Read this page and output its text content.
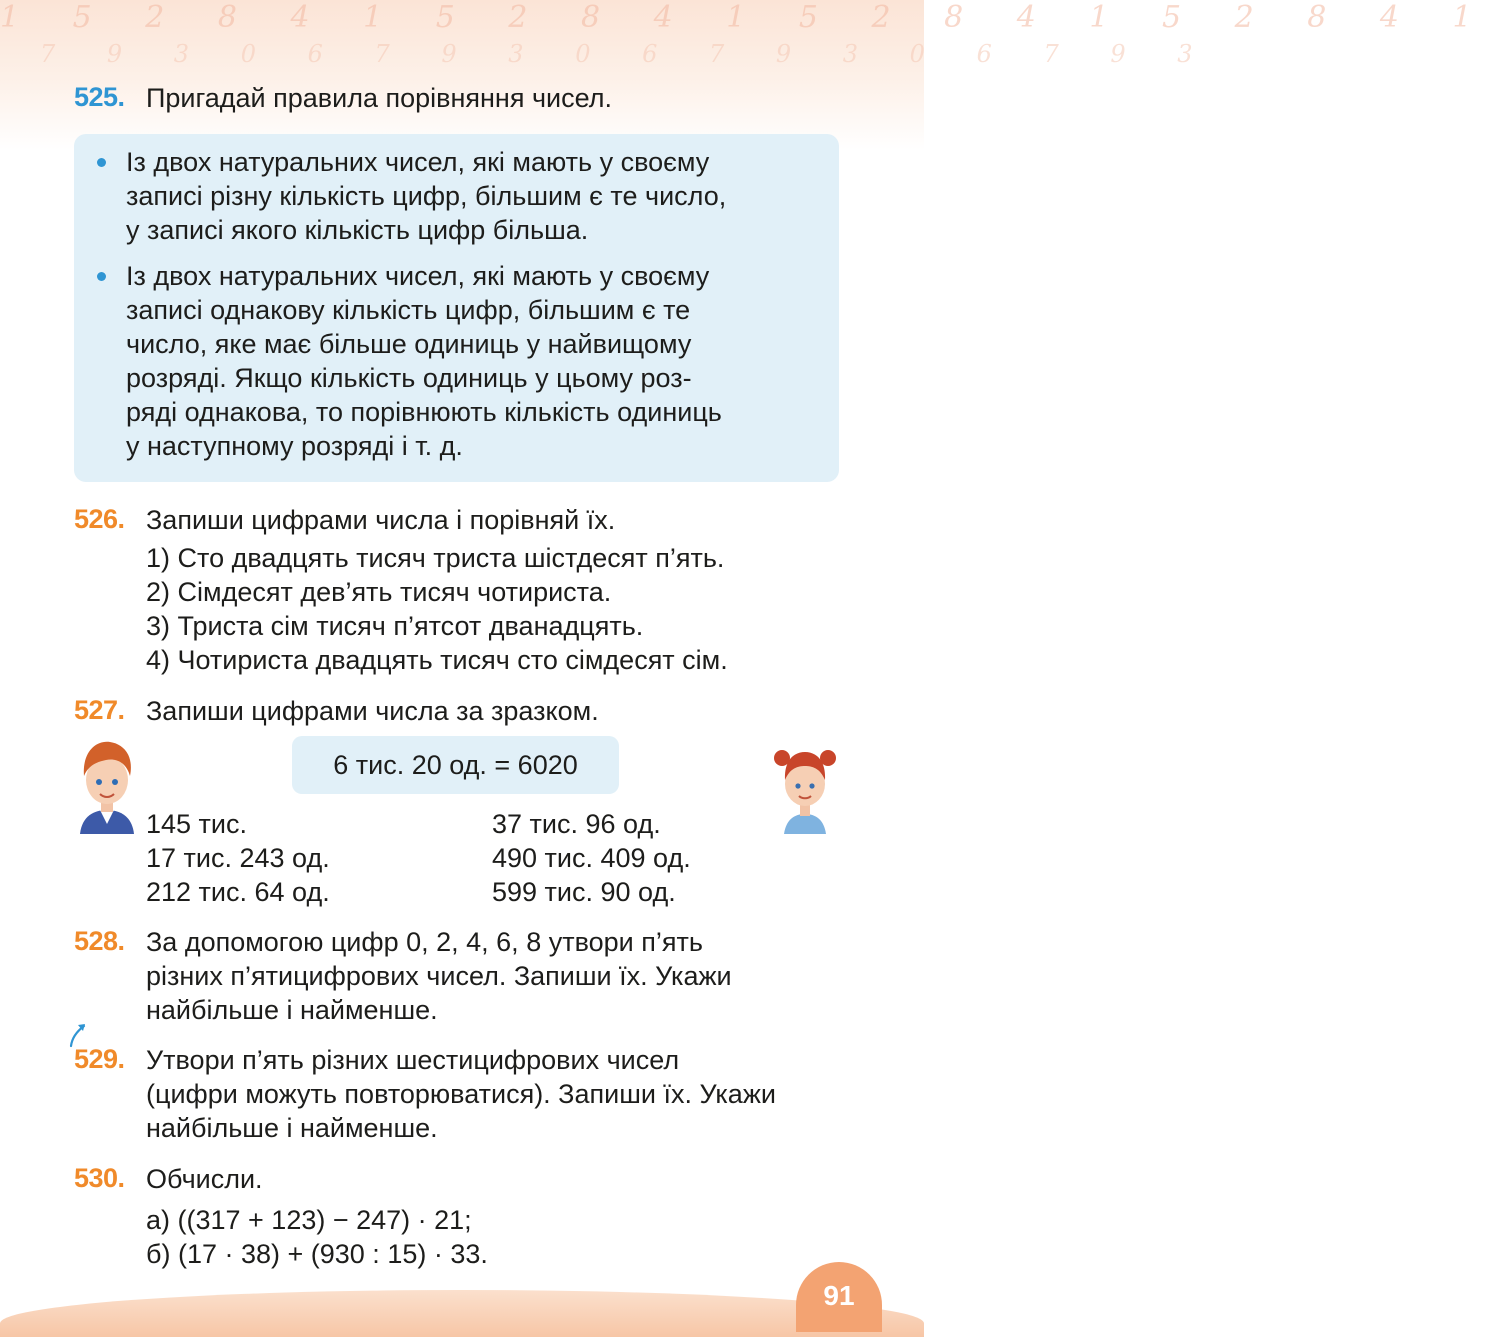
1 5 2 8 4 1 5 2 8 4 1 5 2 8 4 1 5 2 8 4 1
7 9 3 0 6 7 9 3 0 6 7 9 3 0 6 7 9 3
525. Пригадай правила порівняння чисел.
Із двох натуральних чисел, які мають у своєму
записі різну кількість цифр, більшим є те число,
у записі якого кількість цифр більша.
Із двох натуральних чисел, які мають у своєму
записі однакову кількість цифр, більшим є те
число, яке має більше одиниць у найвищому
розряді. Якщо кількість одиниць у цьому роз-
ряді однакова, то порівнюють кількість одиниць
у наступному розряді і т. д.
526. Запиши цифрами числа і порівняй їх.
1) Сто двадцять тисяч триста шістдесят п’ять.
2) Сімдесят дев’ять тисяч чотириста.
3) Триста сім тисяч п’ятсот дванадцять.
4) Чотириста двадцять тисяч сто сімдесят сім.
527. Запиши цифрами числа за зразком.
6 тис. 20 од. = 6020
145 тис.
17 тис. 243 од.
212 тис. 64 од.
37 тис. 96 од.
490 тис. 409 од.
599 тис. 90 од.
528. За допомогою цифр 0, 2, 4, 6, 8 утвори п’ять
різних п’ятицифрових чисел. Запиши їх. Укажи
найбільше і найменше.
529. Утвори п’ять різних шестицифрових чисел
(цифри можуть повторюватися). Запиши їх. Укажи
найбільше і найменше.
530. Обчисли.
а) ((317 + 123) − 247) · 21;
б) (17 · 38) + (930 : 15) · 33.
91
